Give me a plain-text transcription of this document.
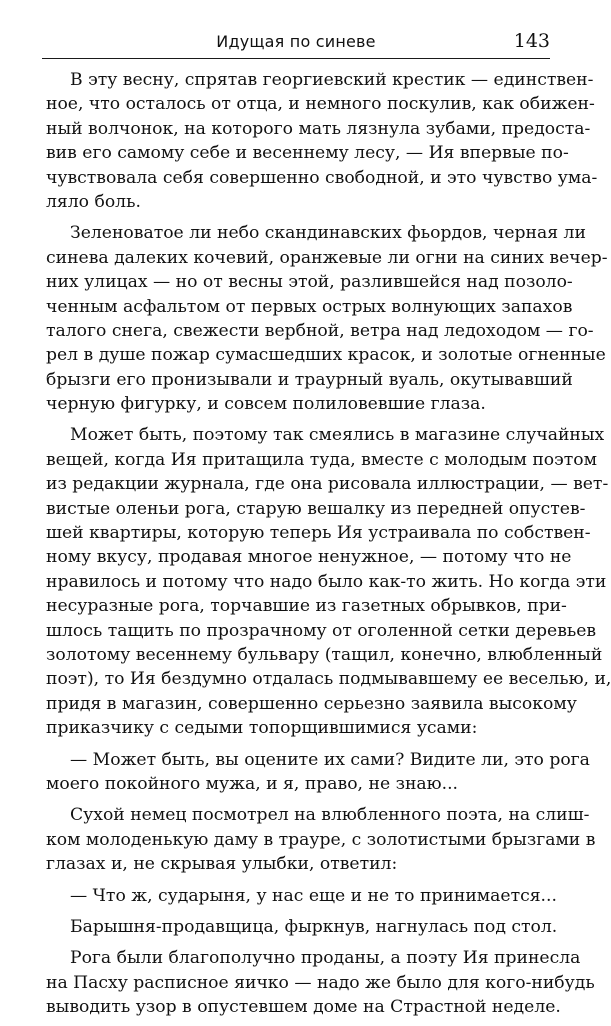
Идущая по синеве	143
В эту весну, спрятав георгиевский крестик — единствен-
ное, что осталось от отца, и немного поскулив, как обижен-
ный волчонок, на которого мать лязнула зубами, предоста-
вив его самому себе и весеннему лесу, — Ия впервые по-
чувствовала себя совершенно свободной, и это чувство ума-
ляло боль.
Зеленоватое ли небо скандинавских фьордов, черная ли
синева далеких кочевий, оранжевые ли огни на синих вечер-
них улицах — но от весны этой, разлившейся над позоло-
ченным асфальтом от первых острых волнующих запахов
талого снега, свежести вербной, ветра над ледоходом — го-
рел в душе пожар сумасшедших красок, и золотые огненные
брызги его пронизывали и траурный вуаль, окутывавший
черную фигурку, и совсем полиловевшие глаза.
Может быть, поэтому так смеялись в магазине случайных
вещей, когда Ия притащила туда, вместе с молодым поэтом
из редакции журнала, где она рисовала иллюстрации, — вет-
вистые оленьи рога, старую вешалку из передней опустев-
шей квартиры, которую теперь Ия устраивала по собствен-
ному вкусу, продавая многое ненужное, — потому что не
нравилось и потому что надо было как-то жить. Но когда эти
несуразные рога, торчавшие из газетных обрывков, при-
шлось тащить по прозрачному от оголенной сетки деревьев
золотому весеннему бульвару (тащил, конечно, влюбленный
поэт), то Ия бездумно отдалась подмывавшему ее веселью, и,
придя в магазин, совершенно серьезно заявила высокому
приказчику с седыми топорщившимися усами:
— Может быть, вы оцените их сами? Видите ли, это рога
моего покойного мужа, и я, право, не знаю...
Сухой немец посмотрел на влюбленного поэта, на слиш-
ком молоденькую даму в трауре, с золотистыми брызгами в
глазах и, не скрывая улыбки, ответил:
— Что ж, сударыня, у нас еще и не то принимается...
Барышня-продавщица, фыркнув, нагнулась под стол.
Рога были благополучно проданы, а поэту Ия принесла
на Пасху расписное яичко — надо же было для кого-нибудь
выводить узор в опустевшем доме на Страстной неделе.
